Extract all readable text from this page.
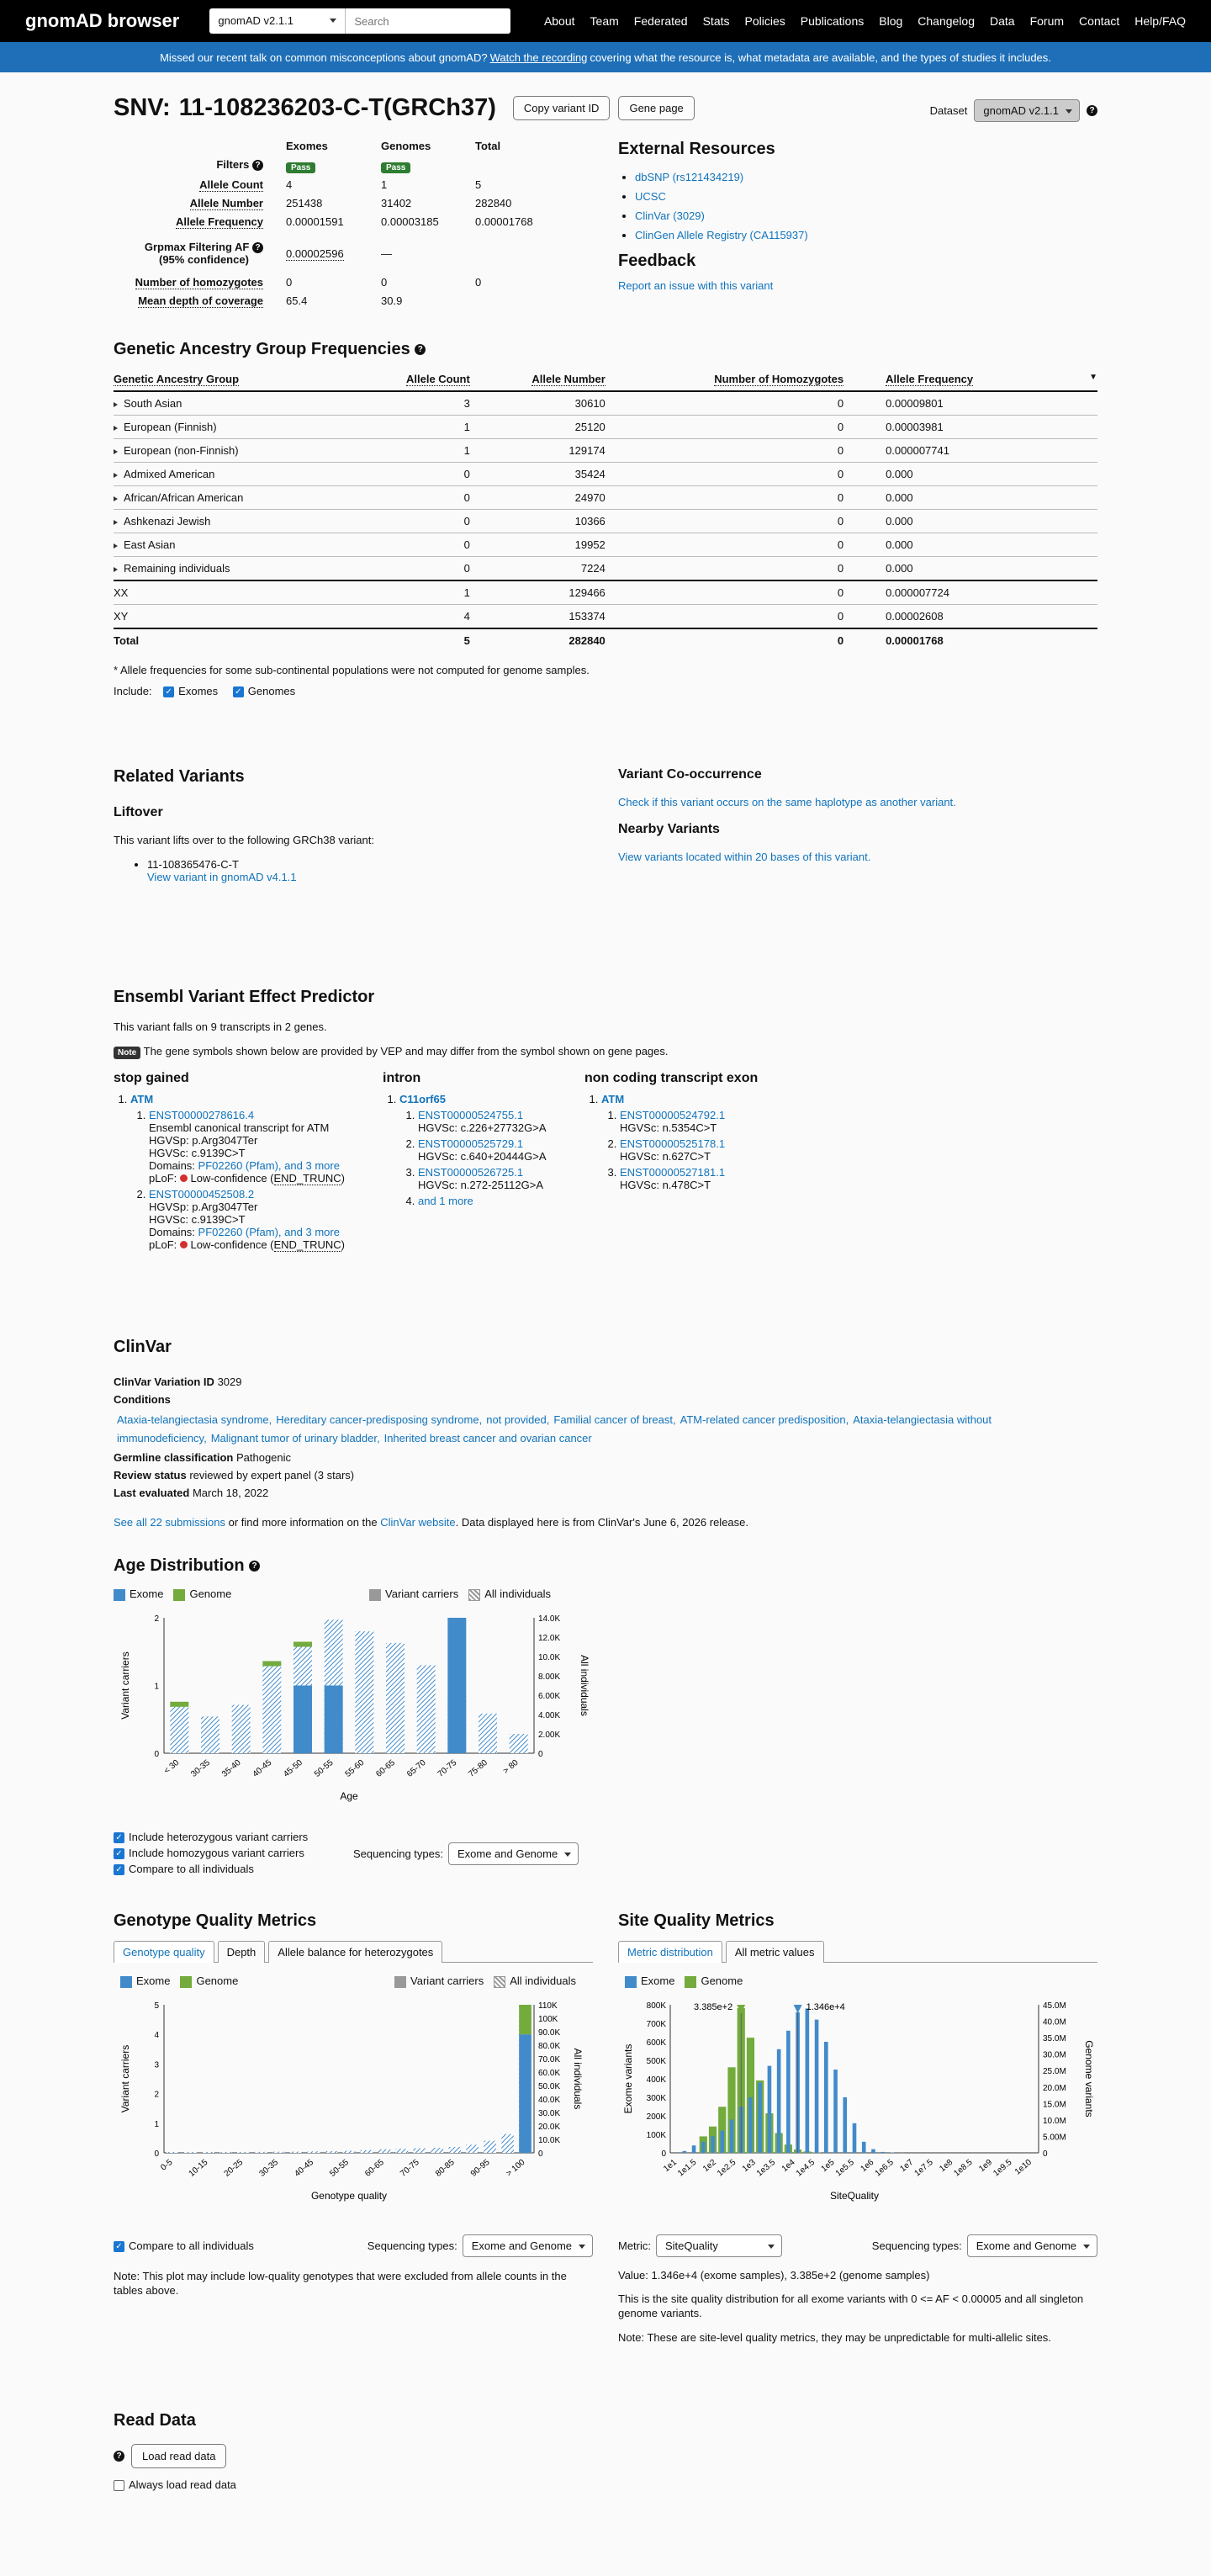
gnomAD browser	gnomAD v2.1.1
Search	About Team Federated Stats Policies Publications Blog Changelog Data Forum Contact Help/FAQ
Missed our recent talk on common misconceptions about gnomAD? Watch the recording covering what the resource is, what metadata are available, and the types of studies it includes.
SNV: 11-108236203-C-T(GRCh37)	Copy variant ID	Gene page	Dataset	gnomAD v2.1.1	?
Exomes	Genomes	Total
Filters ?	Pass	Pass
Allele Count 4	1	5
Allele Number 251438	31402	282840
Allele Frequency 0.00001591	0.00003185	0.00001768
Grpmax Filtering AF ?
(95% confidence)	0.00002596	—
Number of homozygotes 0	0	0
Mean depth of coverage 65.4	30.9
External Resources
• dbSNP (rs121434219)
• UCSC
• ClinVar (3029)
• ClinGen Allele Registry (CA115937)
Feedback
Report an issue with this variant
Genetic Ancestry Group Frequencies ?
Genetic Ancestry Group	Allele Count	Allele Number	Number of Homozygotes	Allele Frequency ▼

South Asian	3	30610	0	0.00009801
European (Finnish)	1	25120	0	0.00003981
European (non-Finnish)	1	129174	0	0.000007741
Admixed American	0	35424	0	0.000
African/African American	0	24970	0	0.000
Ashkenazi Jewish	0	10366	0	0.000
East Asian	0	19952	0	0.000
Remaining individuals	0	7224	0	0.000
XX	1	129466	0	0.000007724
XY	4	153374	0	0.00002608
Total	5	282840	0	0.00001768
* Allele frequencies for some sub-continental populations were not computed for genome samples.
Include: ✓ Exomes ✓ Genomes
Related Variants
Liftover
This variant lifts over to the following GRCh38 variant:
• 11-108365476-C-T
View variant in gnomAD v4.1.1
Variant Co-occurrence
Check if this variant occurs on the same haplotype as another variant.
Nearby Variants
View variants located within 20 bases of this variant.
Ensembl Variant Effect Predictor
This variant falls on 9 transcripts in 2 genes.
Note The gene symbols shown below are provided by VEP and may differ from the symbol shown on gene pages.
stop gained
1. ATM
1. ENST00000278616.4
Ensembl canonical transcript for ATM
HGVSp: p.Arg3047Ter
HGVSc: c.9139C>T
Domains: PF02260 (Pfam), and 3 more
pLoF: Low-confidence (END_TRUNC)
2. ENST00000452508.2
HGVSp: p.Arg3047Ter
HGVSc: c.9139C>T
Domains: PF02260 (Pfam), and 3 more
pLoF: Low-confidence (END_TRUNC)
intron
1. C11orf65
1. ENST00000524755.1
HGVSc: c.226+27732G>A
2. ENST00000525729.1
HGVSc: c.640+20444G>A
3. ENST00000526725.1
HGVSc: n.272-25112G>A
4. and 1 more
non coding transcript exon
1. ATM
1. ENST00000524792.1
HGVSc: n.5354C>T
2. ENST00000525178.1
HGVSc: n.627C>T
3. ENST00000527181.1
HGVSc: n.478C>T
ClinVar
ClinVar Variation ID 3029
Conditions
Ataxia-telangiectasia syndrome, Hereditary cancer-predisposing syndrome, not provided, Familial cancer of breast, ATM-related cancer predisposition, Ataxia-telangiectasia without immunodeficiency, Malignant tumor of urinary bladder, Inherited breast cancer and ovarian cancer
Germline classification Pathogenic
Review status reviewed by expert panel (3 stars)
Last evaluated March 18, 2022
See all 22 submissions or find more information on the ClinVar website. Data displayed here is from ClinVar's June 6, 2026 release.
Age Distribution ?
Exome	Genome	Variant carriers	All individuals
0
1
2
0
2.00K
4.00K
6.00K
8.00K
10.0K
12.0K
14.0K
< 30 30-35 35-40 40-45 45-50 50-55 55-60 60-65 65-70 70-75 75-80 > 80
Variant carriers	All individuals
Age
✓ Include heterozygous variant carriers
✓ Include homozygous variant carriers
✓ Compare to all individuals
Sequencing types:	Exome and Genome
Genotype Quality Metrics
Genotype quality	Depth	Allele balance for heterozygotes
Exome	Genome	Variant carriers	All individuals
0
1
2
3
4
5
0
10.0K
20.0K
30.0K
40.0K
50.0K
60.0K
70.0K
80.0K
90.0K
100K
110K
0-5 10-15 20-25 30-35 40-45 50-55 60-65 70-75 80-85 90-95 > 100
Variant carriers	All individuals
Genotype quality
✓ Compare to all individuals	Sequencing types:	Exome and Genome
Note: This plot may include low-quality genotypes that were excluded from allele counts in the tables above.
Site Quality Metrics
Metric distribution	All metric values
Exome	Genome
0
100K
200K
300K
400K
500K
600K
700K
800K
0
5.00M
10.0M
15.0M
20.0M
25.0M
30.0M
35.0M
40.0M
45.0M
1e1
1e1.5 1e2
1e2.5 1e3
1e3.5 1e4
1e4.5 1e5
1e5.5 1e6
1e6.5 1e7
1e7.5 1e8
1e8.5 1e9
1e9.5 1e10
3.385e+2	1.346e+4
Exome variants	Genome variants
SiteQuality
Metric:	SiteQuality	Sequencing types:	Exome and Genome
Value: 1.346e+4 (exome samples), 3.385e+2 (genome samples)
This is the site quality distribution for all exome variants with 0 <= AF < 0.00005 and all singleton genome variants.
Note: These are site-level quality metrics, they may be unpredictable for multi-allelic sites.
Read Data
?	Load read data
Always load read data
